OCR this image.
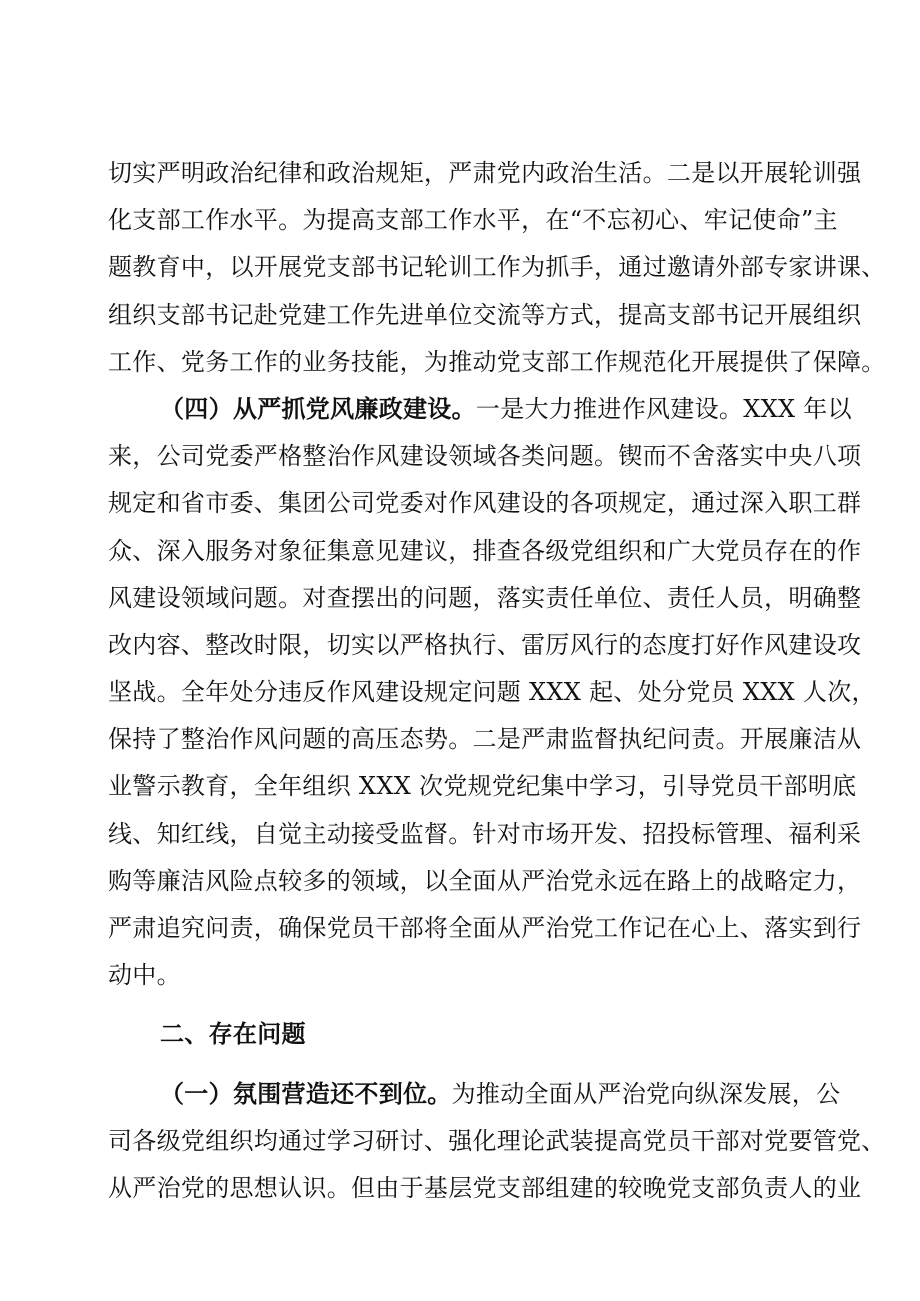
切实严明政治纪律和政治规矩，严肃党内政治生活。二是以开展轮训强
化支部工作水平。为提高支部工作水平，在“不忘初心、牢记使命”主
题教育中，以开展党支部书记轮训工作为抓手，通过邀请外部专家讲课、
组织支部书记赴党建工作先进单位交流等方式，提高支部书记开展组织
工作、党务工作的业务技能，为推动党支部工作规范化开展提供了保障。
（四）从严抓党风廉政建设。一是大力推进作风建设。XXX 年以
来，公司党委严格整治作风建设领域各类问题。锲而不舍落实中央八项
规定和省市委、集团公司党委对作风建设的各项规定，通过深入职工群
众、深入服务对象征集意见建议，排查各级党组织和广大党员存在的作
风建设领域问题。对查摆出的问题，落实责任单位、责任人员，明确整
改内容、整改时限，切实以严格执行、雷厉风行的态度打好作风建设攻
坚战。全年处分违反作风建设规定问题 XXX 起、处分党员 XXX 人次，
保持了整治作风问题的高压态势。二是严肃监督执纪问责。开展廉洁从
业警示教育，全年组织 XXX 次党规党纪集中学习，引导党员干部明底
线、知红线，自觉主动接受监督。针对市场开发、招投标管理、福利采
购等廉洁风险点较多的领域，以全面从严治党永远在路上的战略定力，
严肃追究问责，确保党员干部将全面从严治党工作记在心上、落实到行
动中。
二、存在问题
（一）氛围营造还不到位。为推动全面从严治党向纵深发展，公
司各级党组织均通过学习研讨、强化理论武装提高党员干部对党要管党、
从严治党的思想认识。但由于基层党支部组建的较晚党支部负责人的业
